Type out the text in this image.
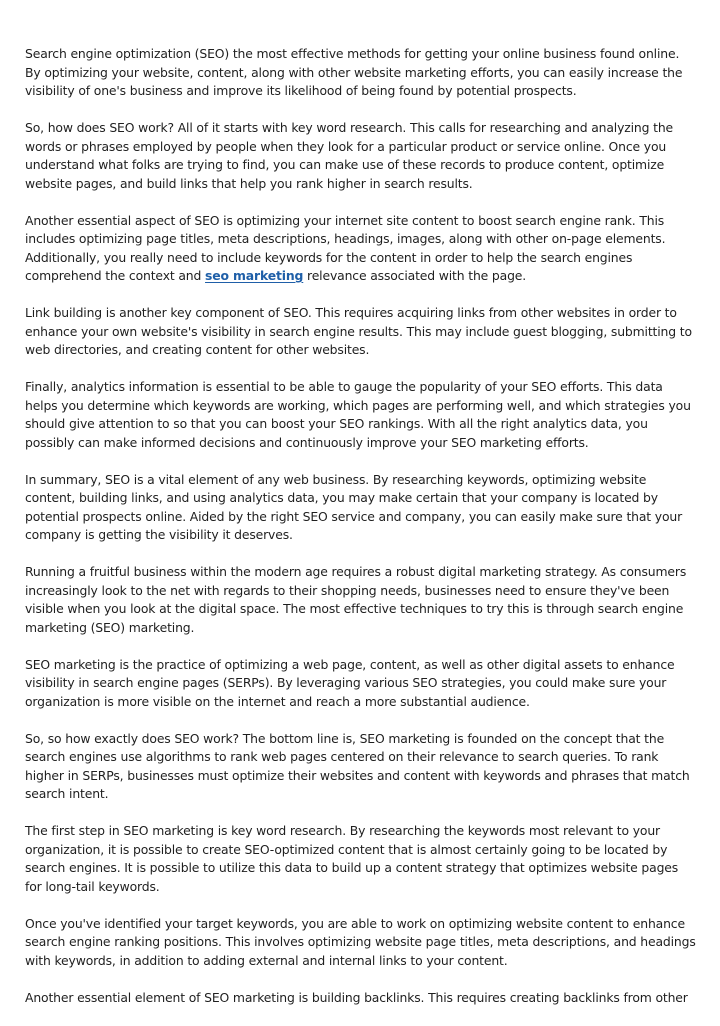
Search engine optimization (SEO) the most effective methods for getting your online business found online. By optimizing your website, content, along with other website marketing efforts, you can easily increase the visibility of one's business and improve its likelihood of being found by potential prospects.

So, how does SEO work? All of it starts with key word research. This calls for researching and analyzing the words or phrases employed by people when they look for a particular product or service online. Once you understand what folks are trying to find, you can make use of these records to produce content, optimize website pages, and build links that help you rank higher in search results.

Another essential aspect of SEO is optimizing your internet site content to boost search engine rank. This includes optimizing page titles, meta descriptions, headings, images, along with other on-page elements. Additionally, you really need to include keywords for the content in order to help the search engines comprehend the context and seo marketing relevance associated with the page.

Link building is another key component of SEO. This requires acquiring links from other websites in order to enhance your own website's visibility in search engine results. This may include guest blogging, submitting to web directories, and creating content for other websites.

Finally, analytics information is essential to be able to gauge the popularity of your SEO efforts. This data helps you determine which keywords are working, which pages are performing well, and which strategies you should give attention to so that you can boost your SEO rankings. With all the right analytics data, you possibly can make informed decisions and continuously improve your SEO marketing efforts.

In summary, SEO is a vital element of any web business. By researching keywords, optimizing website content, building links, and using analytics data, you may make certain that your company is located by potential prospects online. Aided by the right SEO service and company, you can easily make sure that your company is getting the visibility it deserves.

Running a fruitful business within the modern age requires a robust digital marketing strategy. As consumers increasingly look to the net with regards to their shopping needs, businesses need to ensure they've been visible when you look at the digital space. The most effective techniques to try this is through search engine marketing (SEO) marketing.

SEO marketing is the practice of optimizing a web page, content, as well as other digital assets to enhance visibility in search engine pages (SERPs). By leveraging various SEO strategies, you could make sure your organization is more visible on the internet and reach a more substantial audience.

So, so how exactly does SEO work? The bottom line is, SEO marketing is founded on the concept that the search engines use algorithms to rank web pages centered on their relevance to search queries. To rank higher in SERPs, businesses must optimize their websites and content with keywords and phrases that match search intent.

The first step in SEO marketing is key word research. By researching the keywords most relevant to your organization, it is possible to create SEO-optimized content that is almost certainly going to be located by search engines. It is possible to utilize this data to build up a content strategy that optimizes website pages for long-tail keywords.

Once you've identified your target keywords, you are able to work on optimizing website content to enhance search engine ranking positions. This involves optimizing website page titles, meta descriptions, and headings with keywords, in addition to adding external and internal links to your content.

Another essential element of SEO marketing is building backlinks. This requires creating backlinks from other
